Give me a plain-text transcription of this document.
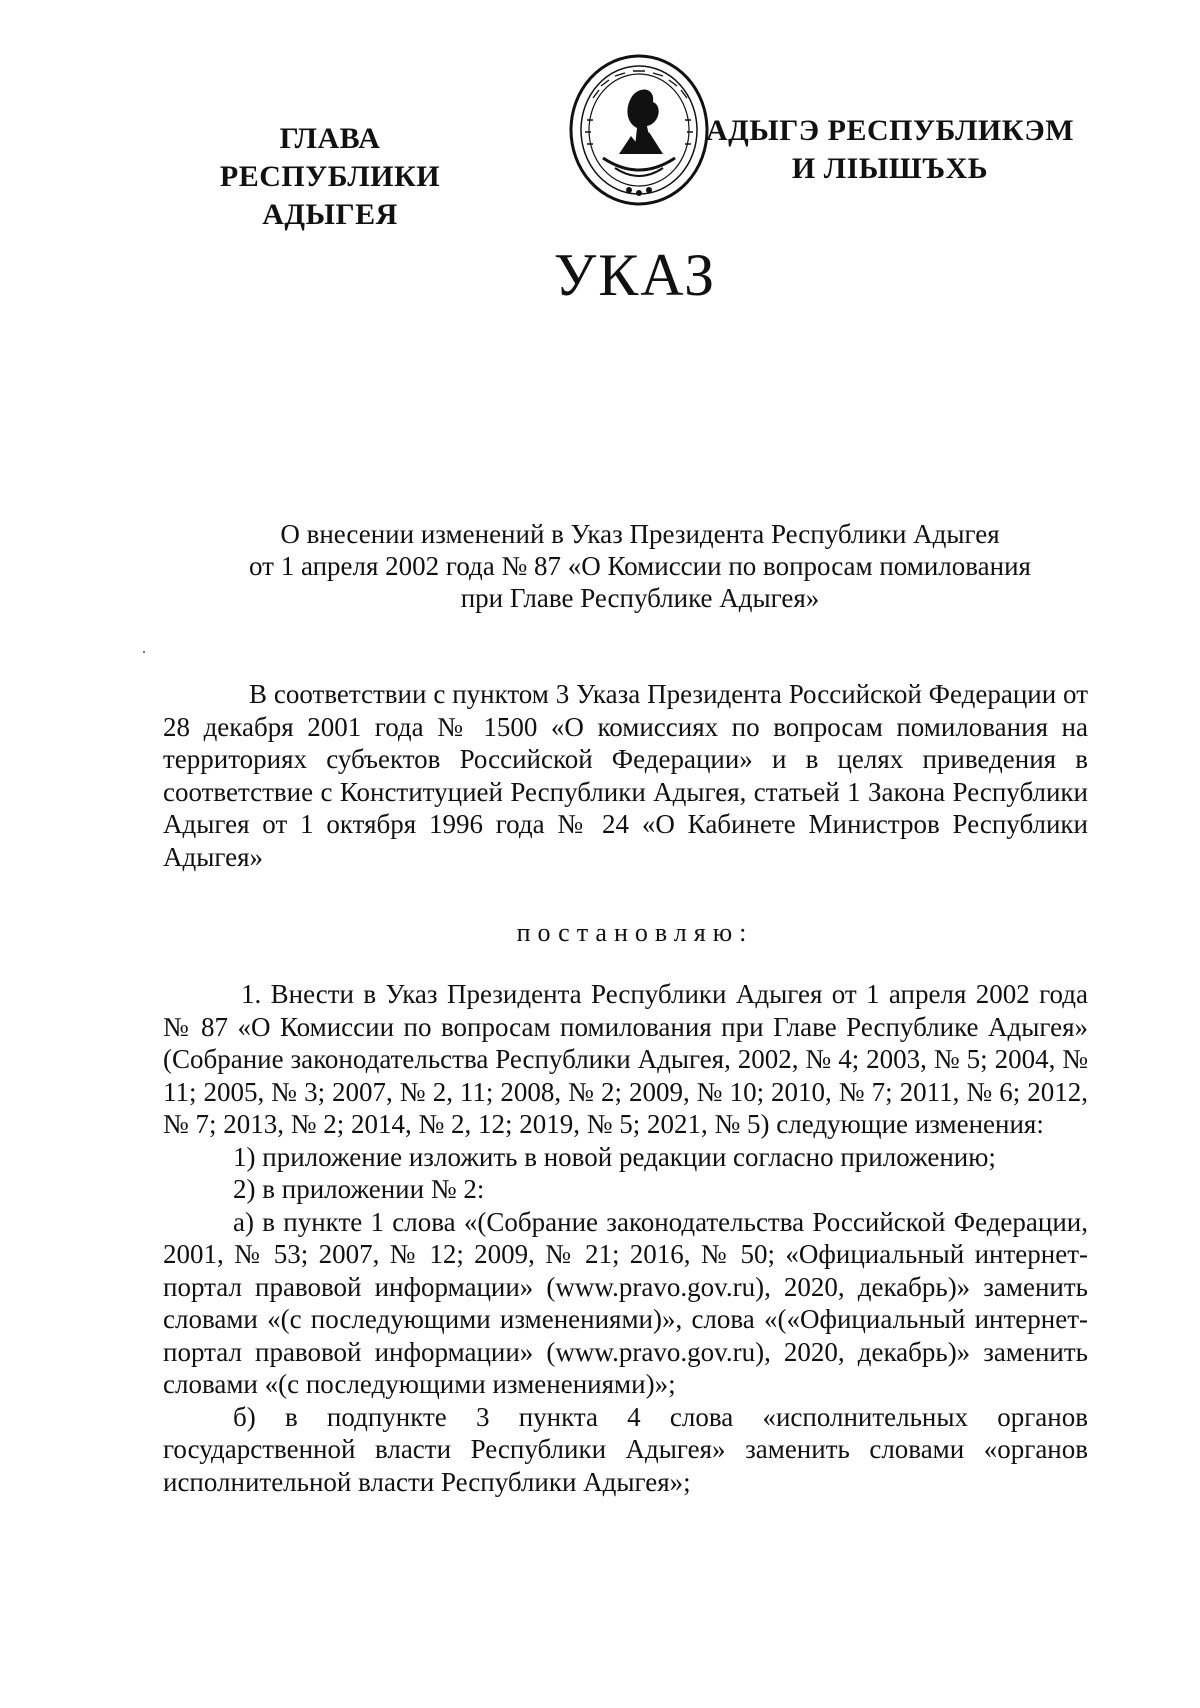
ГЛАВА
РЕСПУБЛИКИ АДЫГЕЯ
АДЫГЭ РЕСПУБЛИКЭМ
И ЛІЫШЪХЬ
УКАЗ
О внесении изменений в Указ Президента Республики Адыгея
от 1 апреля 2002 года № 87 «О Комиссии по вопросам помилования
при Главе Республике Адыгея»

В соответствии с пунктом 3 Указа Президента Российской Федерации от 28 декабря 2001 года № 1500 «О комиссиях по вопросам помилования на территориях субъектов Российской Федерации» и в целях приведения в соответствие с Конституцией Республики Адыгея, статьей 1 Закона Республики Адыгея от 1 октября 1996 года № 24 «О Кабинете Министров Республики Адыгея»

постановляю:

1. Внести в Указ Президента Республики Адыгея от 1 апреля 2002 года № 87 «О Комиссии по вопросам помилования при Главе Республике Адыгея» (Собрание законодательства Республики Адыгея, 2002, № 4; 2003, № 5; 2004, № 11; 2005, № 3; 2007, № 2, 11; 2008, № 2; 2009, № 10; 2010, № 7; 2011, № 6; 2012, № 7; 2013, № 2; 2014, № 2, 12; 2019, № 5; 2021, № 5) следующие изменения:

1) приложение изложить в новой редакции согласно приложению;

2) в приложении № 2:

а) в пункте 1 слова «(Собрание законодательства Российской Федерации, 2001, № 53; 2007, № 12; 2009, № 21; 2016, № 50; «Официальный интернет-портал правовой информации» (www.pravo.gov.ru), 2020, декабрь)» заменить словами «(с последующими изменениями)», слова «(«Официальный интернет-портал правовой информации» (www.pravo.gov.ru), 2020, декабрь)» заменить словами «(с последующими изменениями)»;

б) в подпункте 3 пункта 4 слова «исполнительных органов государственной власти Республики Адыгея» заменить словами «органов исполнительной власти Республики Адыгея»;
